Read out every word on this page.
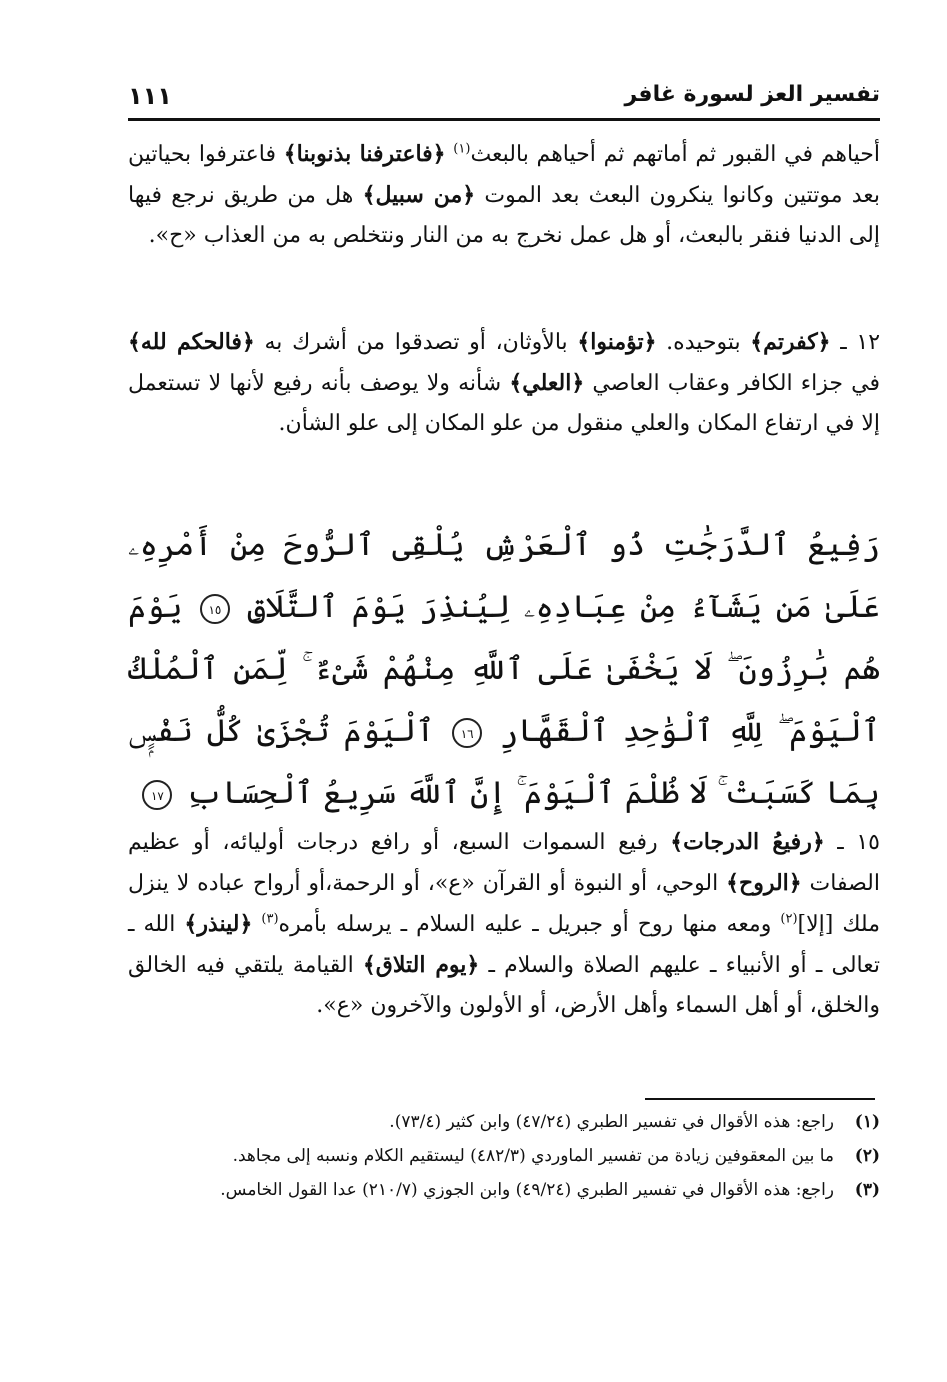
تفسير العز لسورة غافر
١١١
أحياهم في القبور ثم أماتهم ثم أحياهم بالبعث$^{(١)}$ ﴿فاعترفنا بذنوبنا﴾ فاعترفوا بحياتين بعد موتتين وكانوا ينكرون البعث بعد الموت ﴿من سبيل﴾ هل من طريق نرجع فيها إلى الدنيا فنقر بالبعث، أو هل عمل نخرج به من النار ونتخلص به من العذاب «ح».
١٢ ـ ﴿كفرتم﴾ بتوحيده. ﴿تؤمنوا﴾ بالأوثان، أو تصدقوا من أشرك به ﴿فالحكم لله﴾ في جزاء الكافر وعقاب العاصي ﴿العلي﴾ شأنه ولا يوصف بأنه رفيع لأنها لا تستعمل إلا في ارتفاع المكان والعلي منقول من علو المكان إلى علو الشأن.
رَفِيعُ ٱلدَّرَجَٰتِ ذُو ٱلْعَرْشِ يُلْقِى ٱلرُّوحَ مِنْ أَمْرِهِۦ عَلَىٰ مَن يَشَآءُ مِنْ عِبَادِهِۦ لِيُنذِرَ يَوْمَ ٱلتَّلَاقِ ١٥ يَوْمَ هُم بَٰرِزُونَ ۖ لَا يَخْفَىٰ عَلَى ٱللَّهِ مِنْهُمْ شَىْءٌ ۚ لِّمَنِ ٱلْمُلْكُ ٱلْيَوْمَ ۖ لِلَّهِ ٱلْوَٰحِدِ ٱلْقَهَّارِ ١٦ ٱلْيَوْمَ تُجْزَىٰ كُلُّ نَفْسٍۭ بِمَا كَسَبَتْ ۚ لَا ظُلْمَ ٱلْيَوْمَ ۚ إِنَّ ٱللَّهَ سَرِيعُ ٱلْحِسَابِ ١٧
١٥ ـ ﴿رفيعُ الدرجات﴾ رفيع السموات السبع، أو رافع درجات أوليائه، أو عظيم الصفات ﴿الروح﴾ الوحي، أو النبوة أو القرآن «ع»، أو الرحمة،أو أرواح عباده لا ينزل ملك [إلا]$^{(٢)}$ ومعه منها روح أو جبريل ـ عليه السلام ـ يرسله بأمره$^{(٣)}$ ﴿لينذر﴾ الله ـ تعالى ـ أو الأنبياء ـ عليهم الصلاة والسلام ـ ﴿يوم التلاق﴾ القيامة يلتقي فيه الخالق والخلق، أو أهل السماء وأهل الأرض، أو الأولون والآخرون «ع».
(١)
راجع: هذه الأقوال في تفسير الطبري (٤٧/٢٤) وابن كثير (٧٣/٤).
(٢)
ما بين المعقوفين زيادة من تفسير الماوردي (٤٨٢/٣) ليستقيم الكلام ونسبه إلى مجاهد.
(٣)
راجع: هذه الأقوال في تفسير الطبري (٤٩/٢٤) وابن الجوزي (٢١٠/٧) عدا القول الخامس.
